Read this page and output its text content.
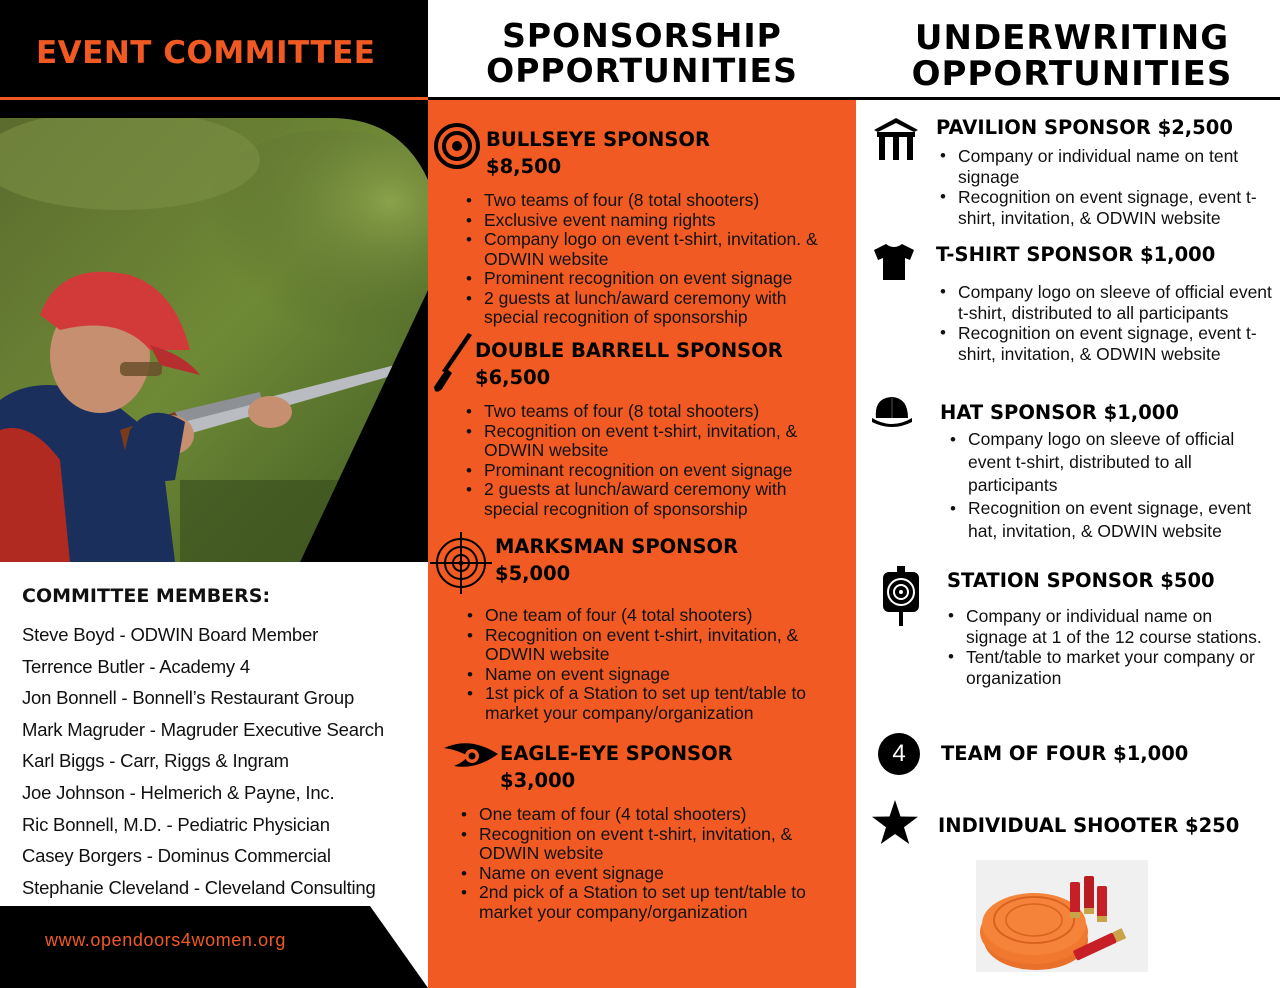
EVENT COMMITTEE
COMMITTEE MEMBERS:
Steve Boyd - ODWIN Board Member
Terrence Butler - Academy 4
Jon Bonnell - Bonnell’s Restaurant Group
Mark Magruder - Magruder Executive Search
Karl Biggs - Carr, Riggs & Ingram
Joe Johnson - Helmerich & Payne, Inc.
Ric Bonnell, M.D. - Pediatric Physician
Casey Borgers - Dominus Commercial
Stephanie Cleveland - Cleveland Consulting
www.opendoors4women.org
SPONSORSHIP
OPPORTUNITIES
BULLSEYE SPONSOR
$8,500
• Two teams of four (8 total shooters)
• Exclusive event naming rights
• Company logo on event t-shirt, invitation. & ODWIN website
• Prominent recognition on event signage
• 2 guests at lunch/award ceremony with special recognition of sponsorship
DOUBLE BARRELL SPONSOR
$6,500
• Two teams of four (8 total shooters)
• Recognition on event t-shirt, invitation, & ODWIN website
• Prominant recognition on event signage
• 2 guests at lunch/award ceremony with special recognition of sponsorship
MARKSMAN SPONSOR
$5,000
• One team of four (4 total shooters)
• Recognition on event t-shirt, invitation, & ODWIN website
• Name on event signage
• 1st pick of a Station to set up tent/table to market your company/organization
EAGLE-EYE SPONSOR
$3,000
• One team of four (4 total shooters)
• Recognition on event t-shirt, invitation, & ODWIN website
• Name on event signage
• 2nd pick of a Station to set up tent/table to market your company/organization
UNDERWRITING
OPPORTUNITIES
PAVILION SPONSOR $2,500
• Company or individual name on tent signage
• Recognition on event signage, event t-shirt, invitation, & ODWIN website
T-SHIRT SPONSOR $1,000
• Company logo on sleeve of official event t-shirt, distributed to all participants
• Recognition on event signage, event t-shirt, invitation, & ODWIN website
HAT SPONSOR $1,000
• Company logo on sleeve of official event t-shirt, distributed to all participants
• Recognition on event signage, event hat, invitation, & ODWIN website
STATION SPONSOR $500
• Company or individual name on signage at 1 of the 12 course stations.
• Tent/table to market your company or organization
4	TEAM OF FOUR $1,000
INDIVIDUAL SHOOTER $250
